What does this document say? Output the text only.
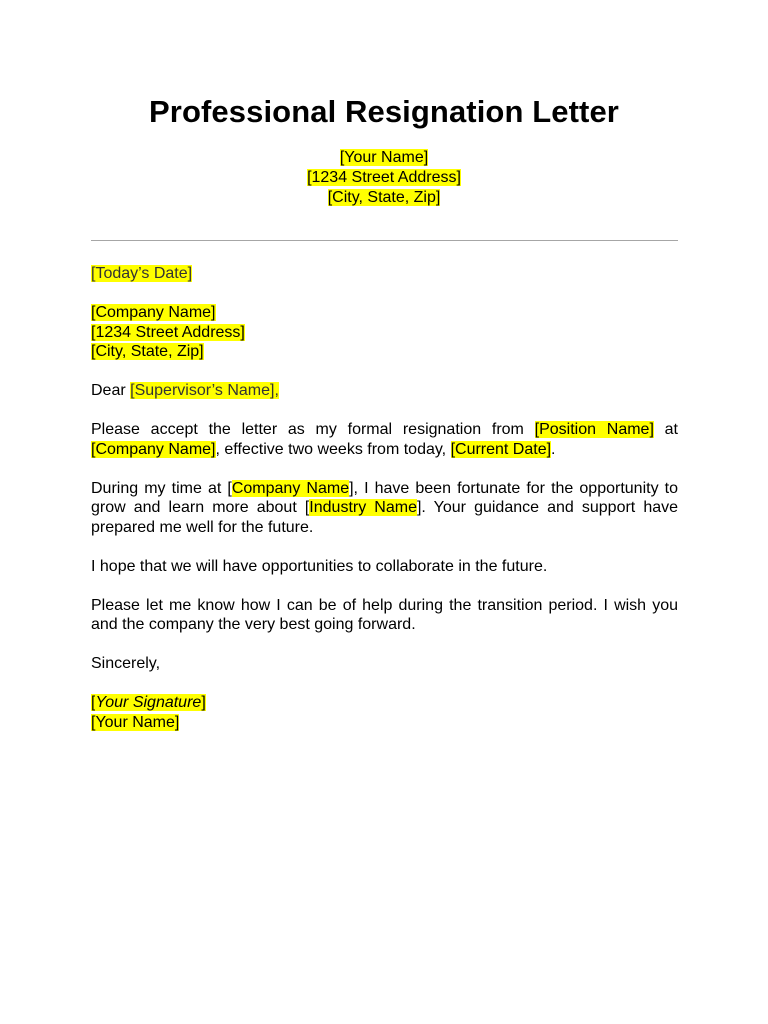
Professional Resignation Letter
[Your Name]
[1234 Street Address]
[City, State, Zip]
[Today’s Date]
[Company Name]
[1234 Street Address]
[City, State, Zip]
Dear [Supervisor’s Name],
Please accept the letter as my formal resignation from [Position Name] at [Company Name], effective two weeks from today, [Current Date].
During my time at [Company Name], I have been fortunate for the opportunity to grow and learn more about [Industry Name]. Your guidance and support have prepared me well for the future.
I hope that we will have opportunities to collaborate in the future.
Please let me know how I can be of help during the transition period. I wish you and the company the very best going forward.
Sincerely,
[Your Signature]
[Your Name]
